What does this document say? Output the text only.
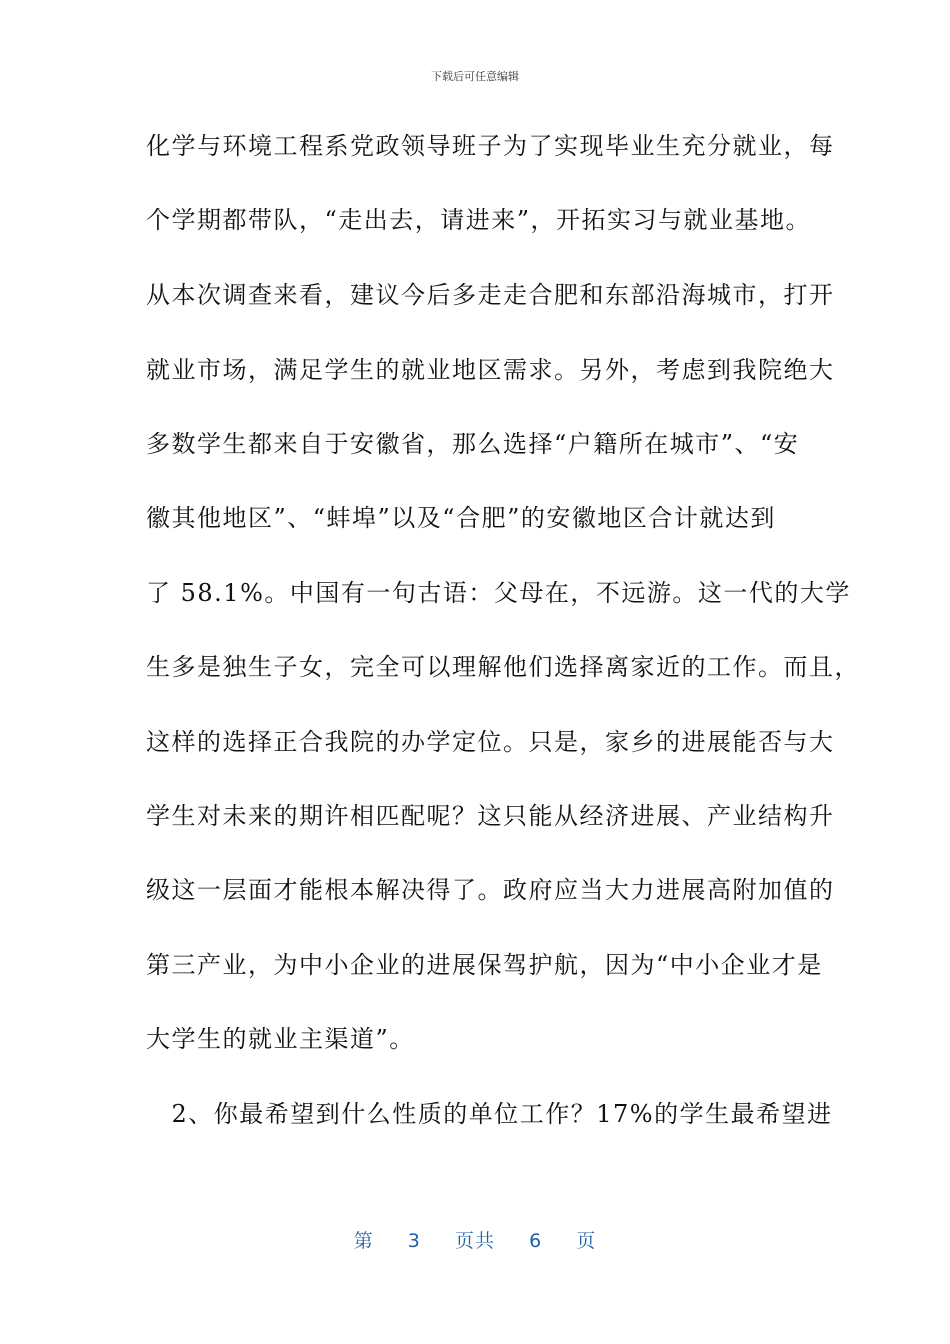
下载后可任意编辑
化学与环境工程系党政领导班子为了实现毕业生充分就业，每
个学期都带队，“走出去，请进来”，开拓实习与就业基地。
从本次调查来看，建议今后多走走合肥和东部沿海城市，打开
就业市场，满足学生的就业地区需求。另外，考虑到我院绝大
多数学生都来自于安徽省，那么选择“户籍所在城市”、“安
徽其他地区”、“蚌埠”以及“合肥”的安徽地区合计就达到
了 58.1%。中国有一句古语：父母在，不远游。这一代的大学
生多是独生子女，完全可以理解他们选择离家近的工作。而且，
这样的选择正合我院的办学定位。只是，家乡的进展能否与大
学生对未来的期许相匹配呢？这只能从经济进展、产业结构升
级这一层面才能根本解决得了。政府应当大力进展高附加值的
第三产业，为中小企业的进展保驾护航，因为“中小企业才是
大学生的就业主渠道”。
　2、你最希望到什么性质的单位工作？17%的学生最希望进
第 3 页共 6 页
